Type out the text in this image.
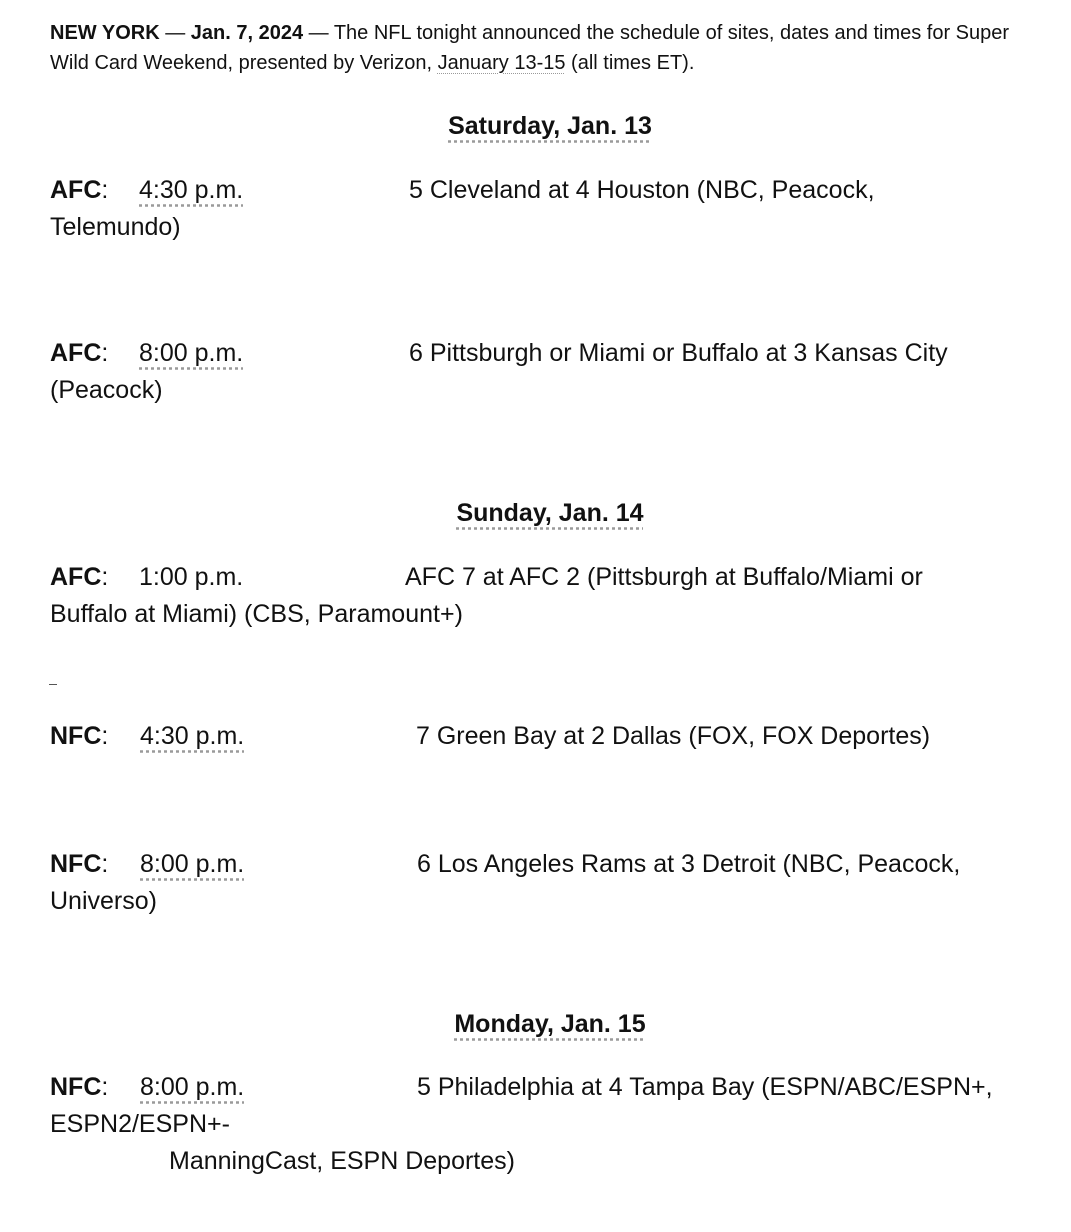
NEW YORK — Jan. 7, 2024 — The NFL tonight announced the schedule of sites, dates and times for Super Wild Card Weekend, presented by Verizon, January 13-15 (all times ET).

Saturday, Jan. 13
AFC: 4:30 p.m.	5 Cleveland at 4 Houston (NBC, Peacock,
Telemundo)
AFC: 8:00 p.m.	6 Pittsburgh or Miami or Buffalo at 3 Kansas City
(Peacock)
Sunday, Jan. 14
AFC: 1:00 p.m.	AFC 7 at AFC 2 (Pittsburgh at Buffalo/Miami or
Buffalo at Miami) (CBS, Paramount+)
NFC: 4:30 p.m.	7 Green Bay at 2 Dallas (FOX, FOX Deportes)
NFC: 8:00 p.m.	6 Los Angeles Rams at 3 Detroit (NBC, Peacock,
Universo)
Monday, Jan. 15
NFC: 8:00 p.m.	5 Philadelphia at 4 Tampa Bay (ESPN/ABC/ESPN+,
ESPN2/ESPN+-
ManningCast, ESPN Deportes)
